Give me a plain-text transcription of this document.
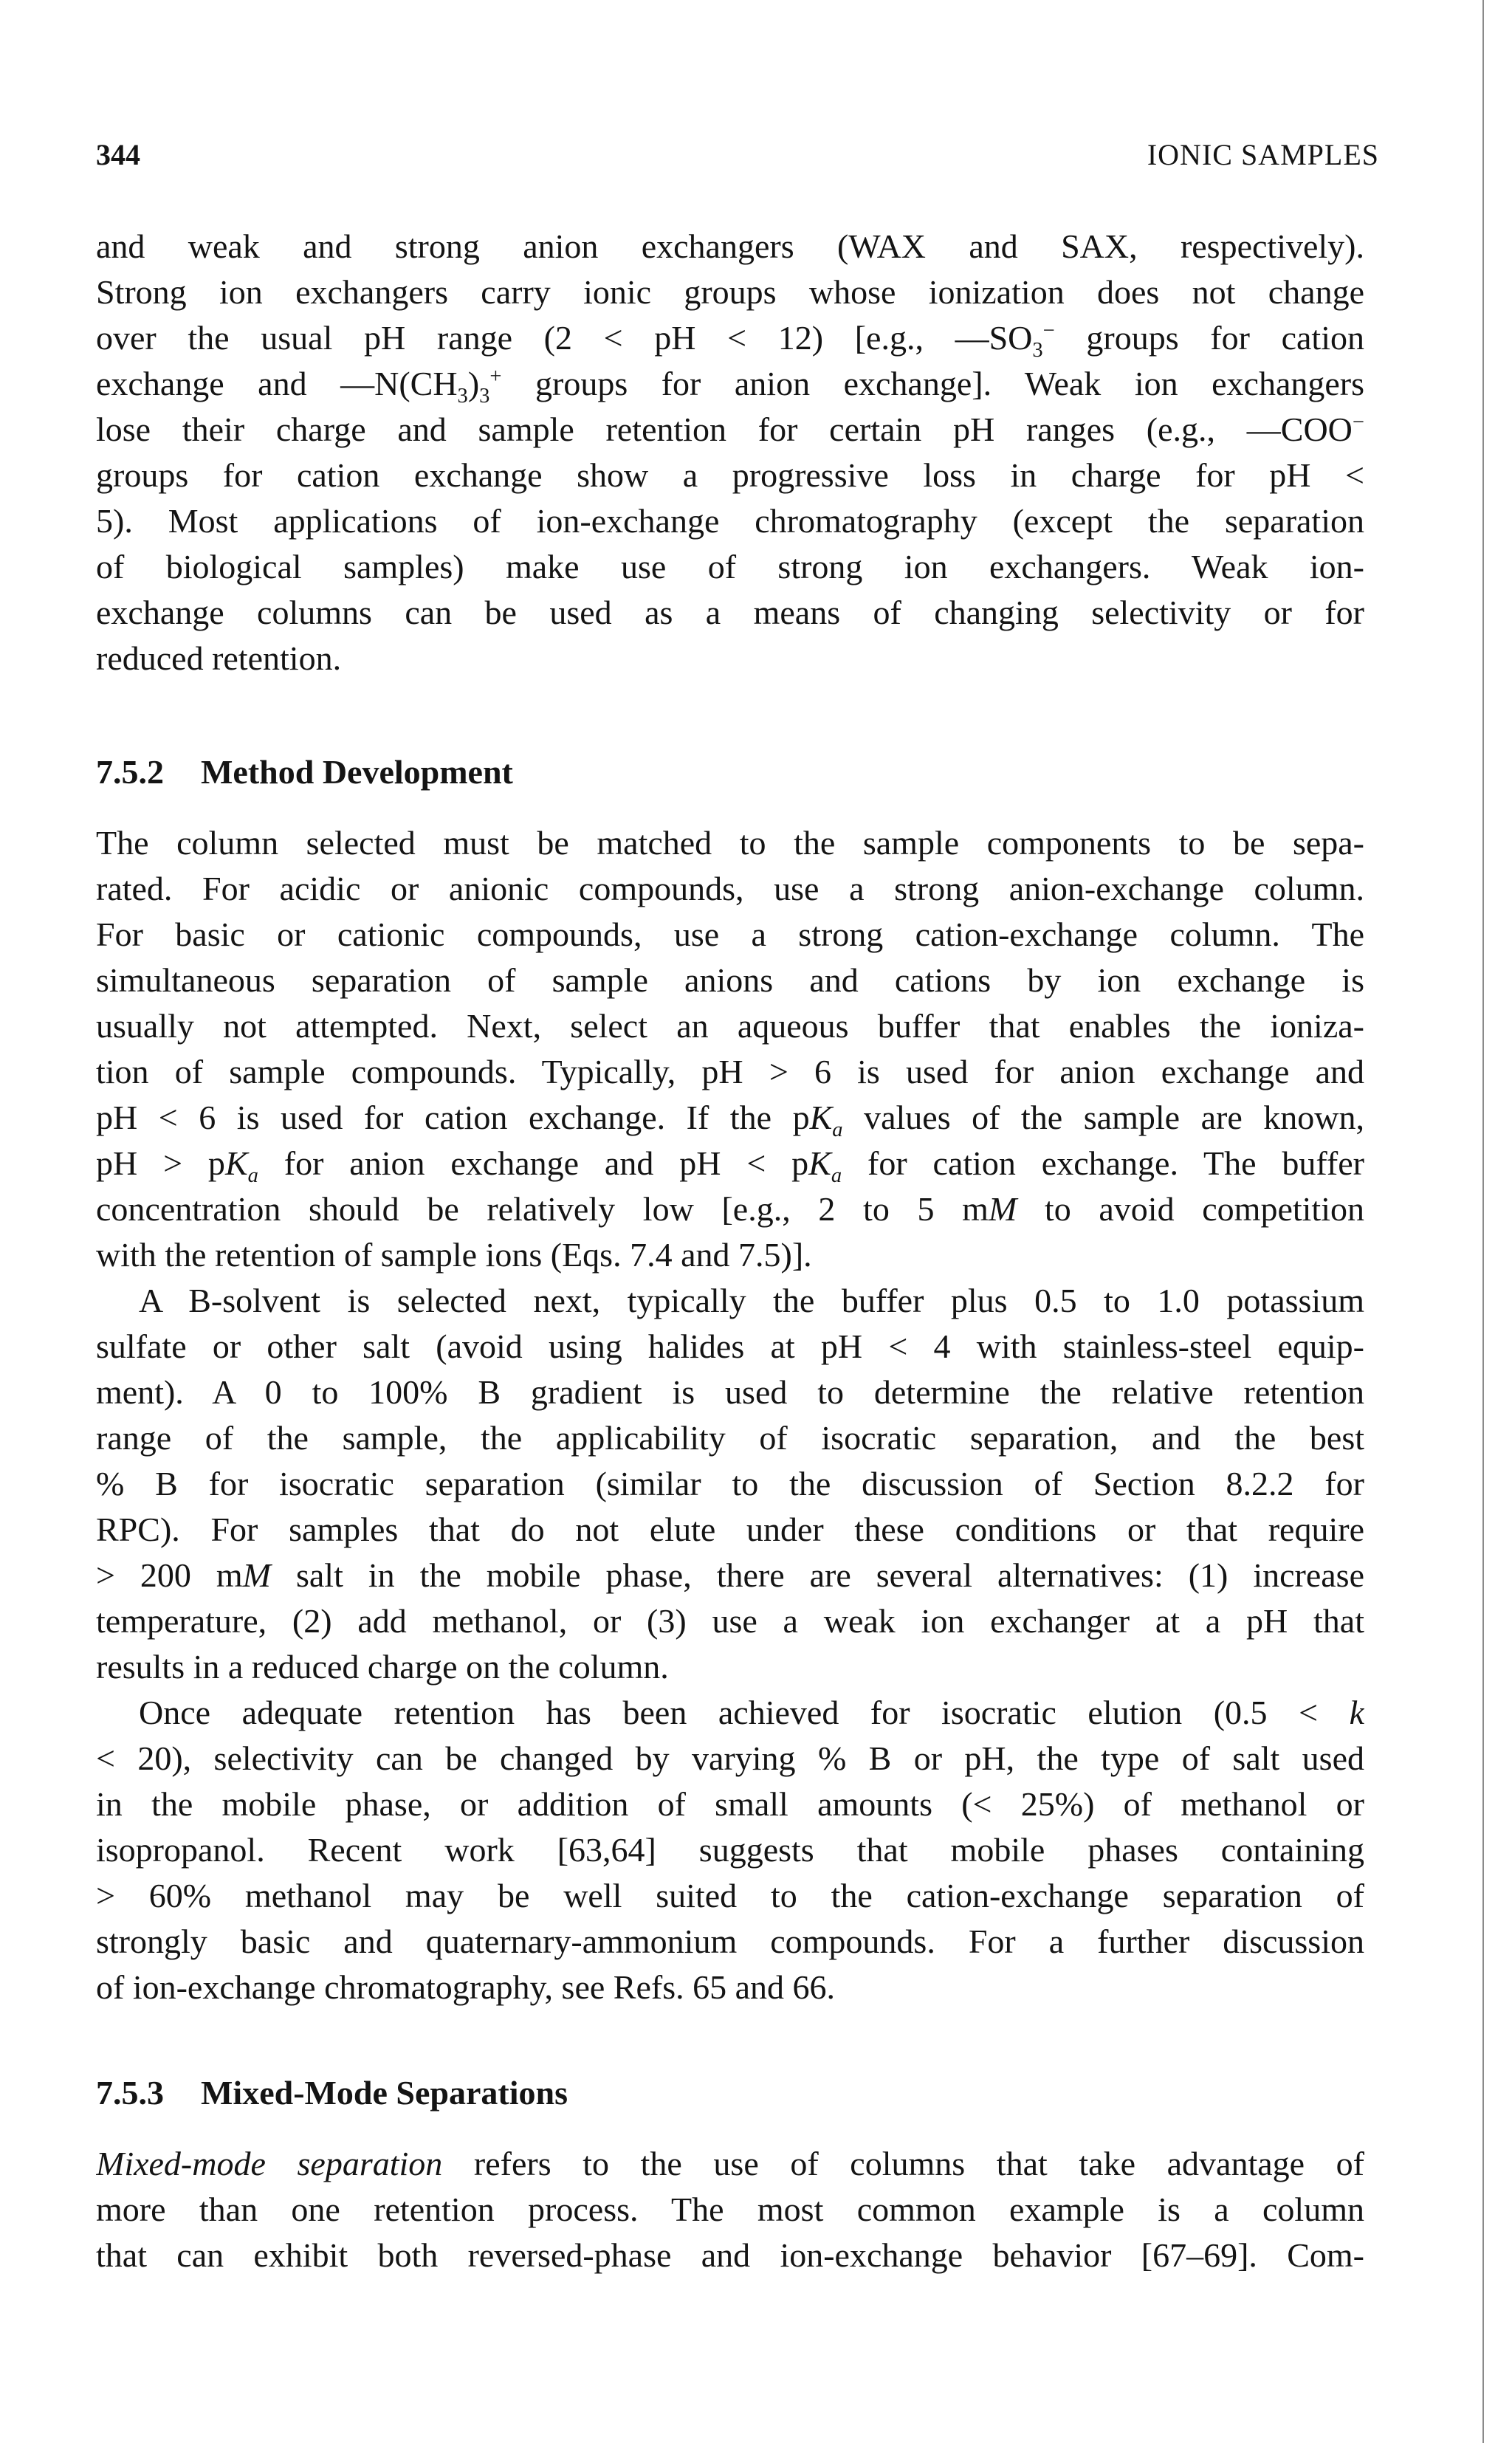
344	IONIC SAMPLES
and weak and strong anion exchangers (WAX and SAX, respectively).
Strong ion exchangers carry ionic groups whose ionization does not change
over the usual pH range (2 < pH < 12) [e.g., $—SO_3^-$ groups for cation
exchange and $—N(CH_3)_3^+$ groups for anion exchange]. Weak ion exchangers
lose their charge and sample retention for certain pH ranges (e.g., —COO−
groups for cation exchange show a progressive loss in charge for pH <
5). Most applications of ion-exchange chromatography (except the separation
of biological samples) make use of strong ion exchangers. Weak ion-
exchange columns can be used as a means of changing selectivity or for
reduced retention.
7.5.2 Method Development
The column selected must be matched to the sample components to be sepa-
rated. For acidic or anionic compounds, use a strong anion-exchange column.
For basic or cationic compounds, use a strong cation-exchange column. The
simultaneous separation of sample anions and cations by ion exchange is
usually not attempted. Next, select an aqueous buffer that enables the ioniza-
tion of sample compounds. Typically, pH > 6 is used for anion exchange and
pH < 6 is used for cation exchange. If the $pK_a$ values of the sample are known,
pH > $pK_a$ for anion exchange and pH < $pK_a$ for cation exchange. The buffer
concentration should be relatively low [e.g., 2 to 5 mM to avoid competition
with the retention of sample ions (Eqs. 7.4 and 7.5)].
A B-solvent is selected next, typically the buffer plus 0.5 to 1.0 potassium
sulfate or other salt (avoid using halides at pH < 4 with stainless-steel equip-
ment). A 0 to 100% B gradient is used to determine the relative retention
range of the sample, the applicability of isocratic separation, and the best
% B for isocratic separation (similar to the discussion of Section 8.2.2 for
RPC). For samples that do not elute under these conditions or that require
> 200 mM salt in the mobile phase, there are several alternatives: (1) increase
temperature, (2) add methanol, or (3) use a weak ion exchanger at a pH that
results in a reduced charge on the column.
Once adequate retention has been achieved for isocratic elution (0.5 < k
< 20), selectivity can be changed by varying % B or pH, the type of salt used
in the mobile phase, or addition of small amounts (< 25%) of methanol or
isopropanol. Recent work [63,64] suggests that mobile phases containing
> 60% methanol may be well suited to the cation-exchange separation of
strongly basic and quaternary-ammonium compounds. For a further discussion
of ion-exchange chromatography, see Refs. 65 and 66.
7.5.3 Mixed-Mode Separations
Mixed-mode separation refers to the use of columns that take advantage of
more than one retention process. The most common example is a column
that can exhibit both reversed-phase and ion-exchange behavior [67–69]. Com-
